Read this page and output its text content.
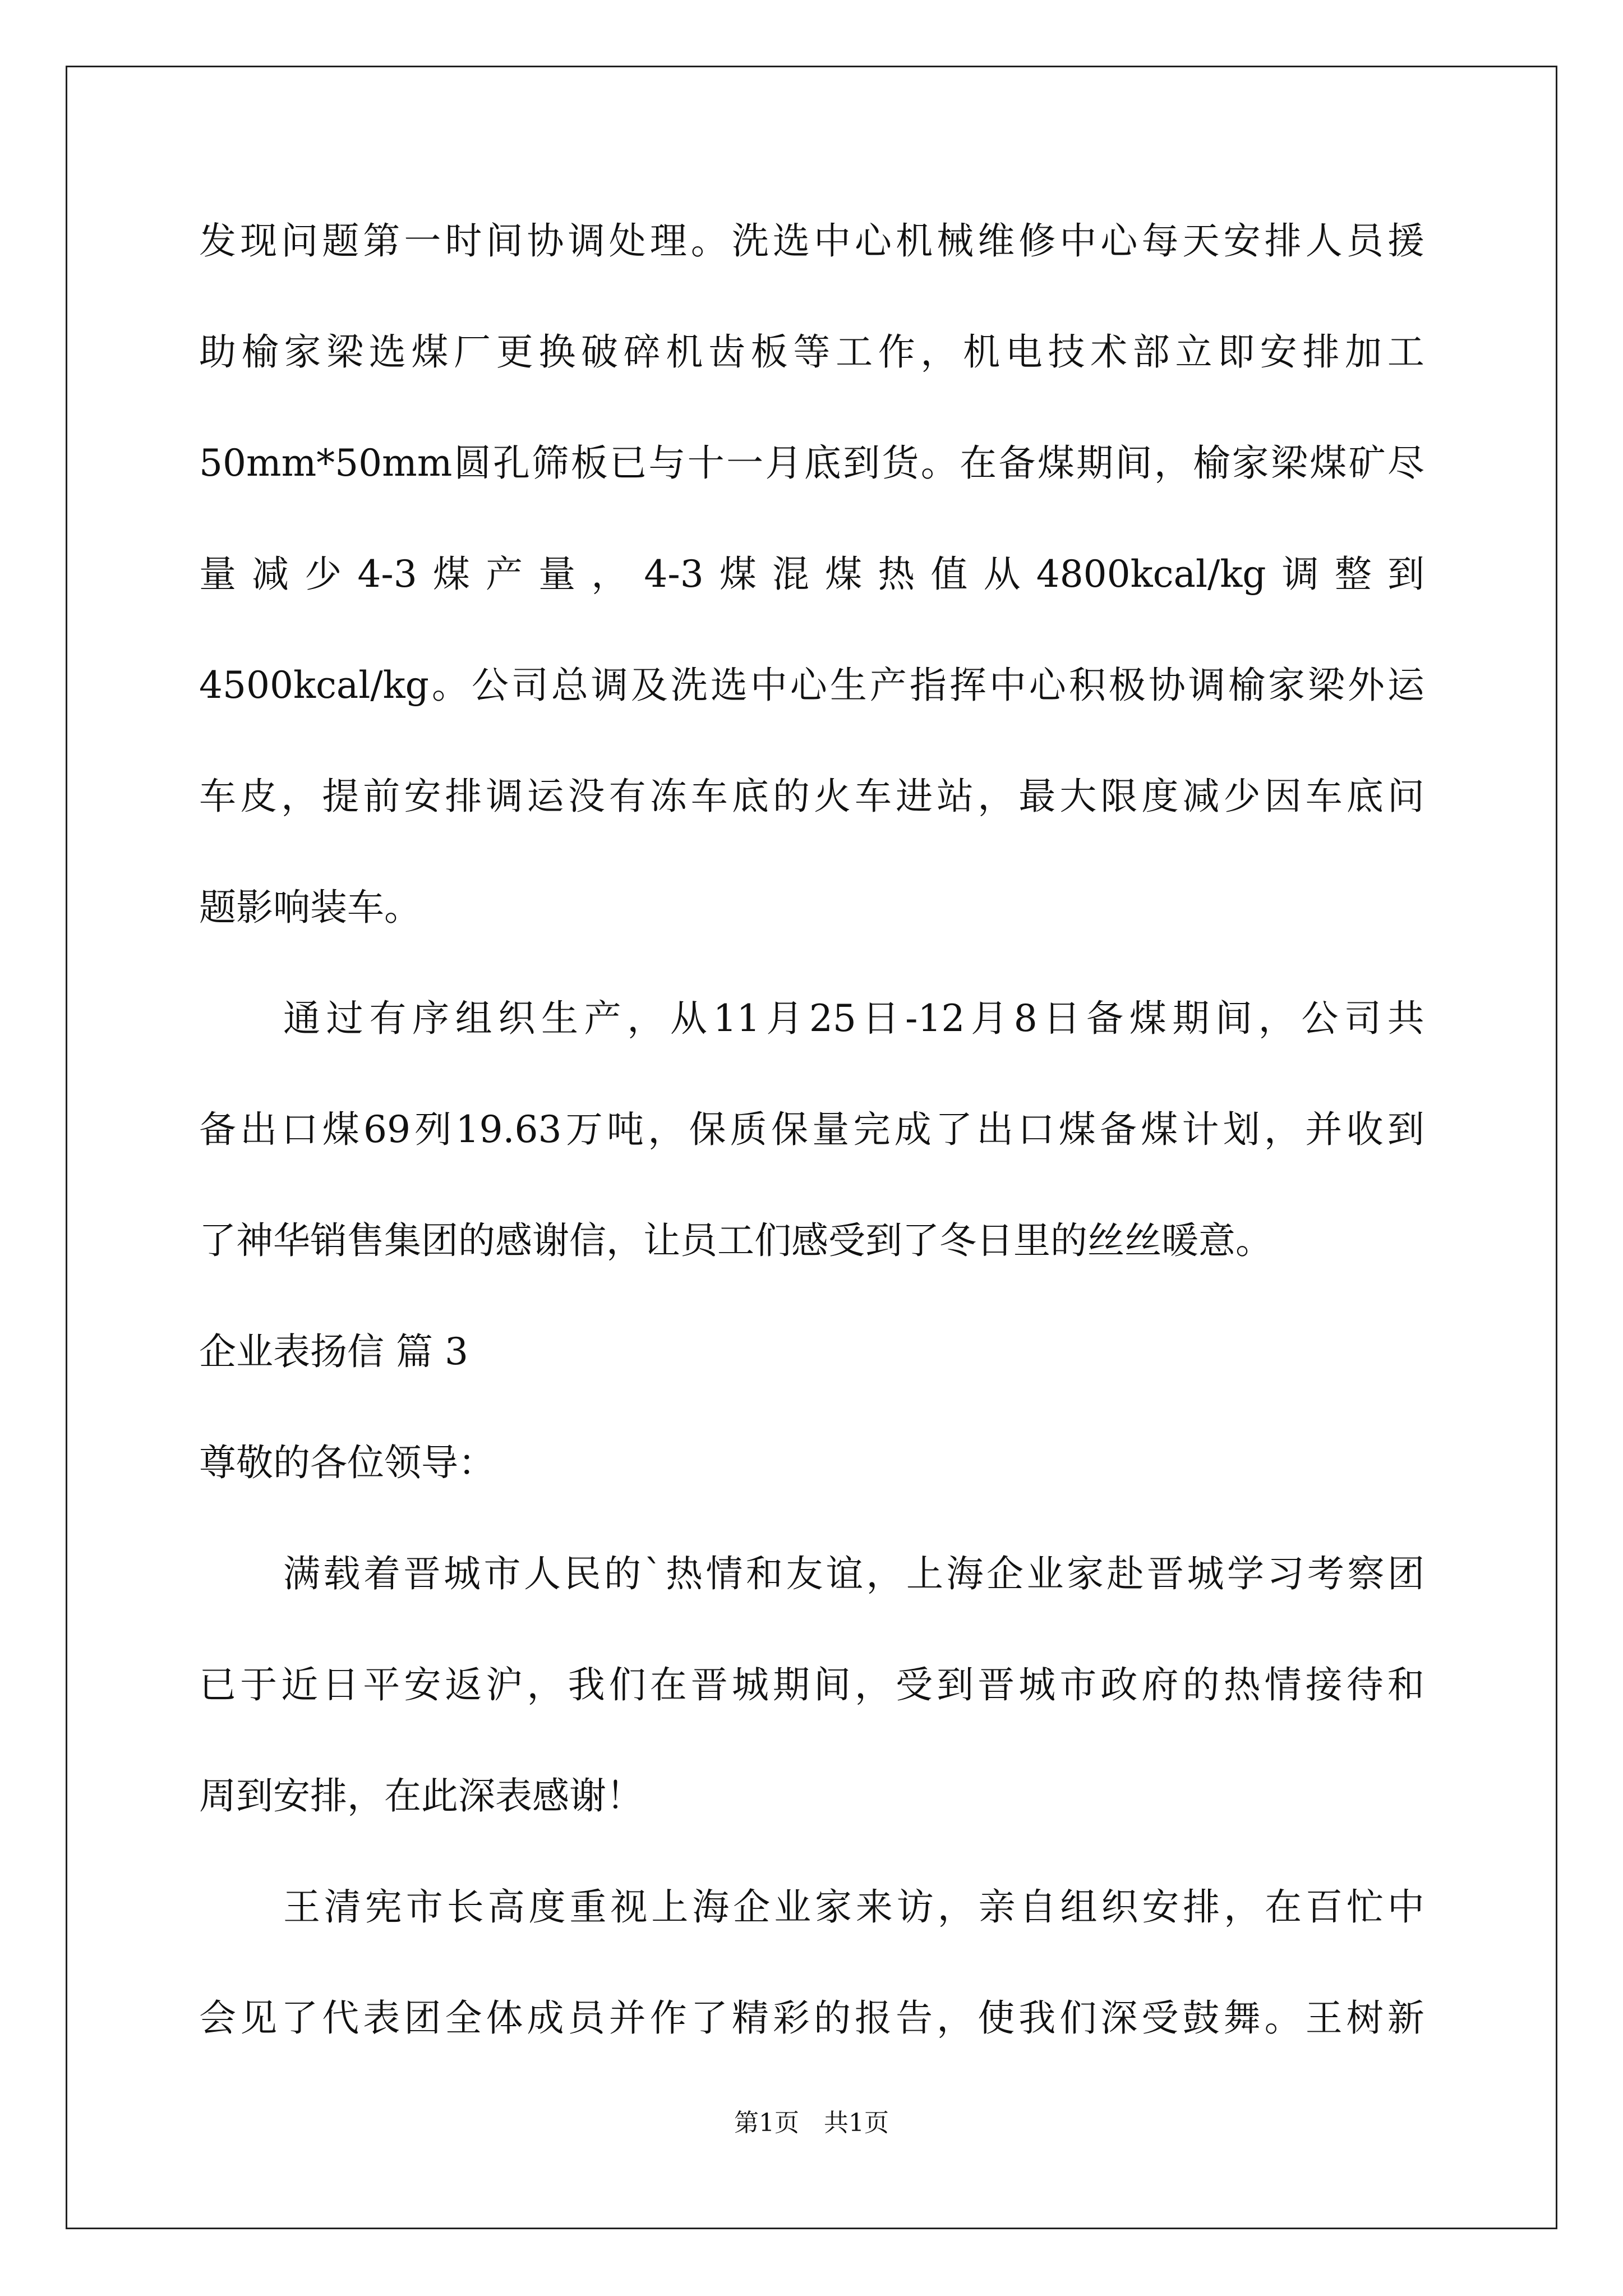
发 现 问 题 第 一 时 间 协 调 处 理 。 洗 选 中 心 机 械 维 修 中 心 每 天 安 排 人 员 援
助 榆 家 梁 选 煤 厂 更 换 破 碎 机 齿 板 等 工 作 ， 机 电 技 术 部 立 即 安 排 加 工
50mm*50mm 圆 孔 筛 板 已 与 十 一 月 底 到 货 。 在 备 煤 期 间 ， 榆 家 梁 煤 矿 尽
量 减 少 4-3 煤 产 量 ， 4-3 煤 混 煤 热 值 从 4800kcal/kg 调 整 到
4500kcal/kg 。 公 司 总 调 及 洗 选 中 心 生 产 指 挥 中 心 积 极 协 调 榆 家 梁 外 运
车 皮 ， 提 前 安 排 调 运 没 有 冻 车 底 的 火 车 进 站 ， 最 大 限 度 减 少 因 车 底 问
题影响装车。
通 过 有 序 组 织 生 产 ， 从 11 月 25 日 -12 月 8 日 备 煤 期 间 ， 公 司 共
备 出 口 煤 69 列 19.63 万 吨 ， 保 质 保 量 完 成 了 出 口 煤 备 煤 计 划 ， 并 收 到
了神华销售集团的感谢信，让员工们感受到了冬日里的丝丝暖意。
企业表扬信 篇 3
尊敬的各位领导：
满 载 着 晋 城 市 人 民 的 ` 热 情 和 友 谊 ， 上 海 企 业 家 赴 晋 城 学 习 考 察 团
已 于 近 日 平 安 返 沪 ， 我 们 在 晋 城 期 间 ， 受 到 晋 城 市 政 府 的 热 情 接 待 和
周到安排，在此深表感谢！
王 清 宪 市 长 高 度 重 视 上 海 企 业 家 来 访 ， 亲 自 组 织 安 排 ， 在 百 忙 中
会 见 了 代 表 团 全 体 成 员 并 作 了 精 彩 的 报 告 ， 使 我 们 深 受 鼓 舞 。 王 树 新
第1页　共1页
